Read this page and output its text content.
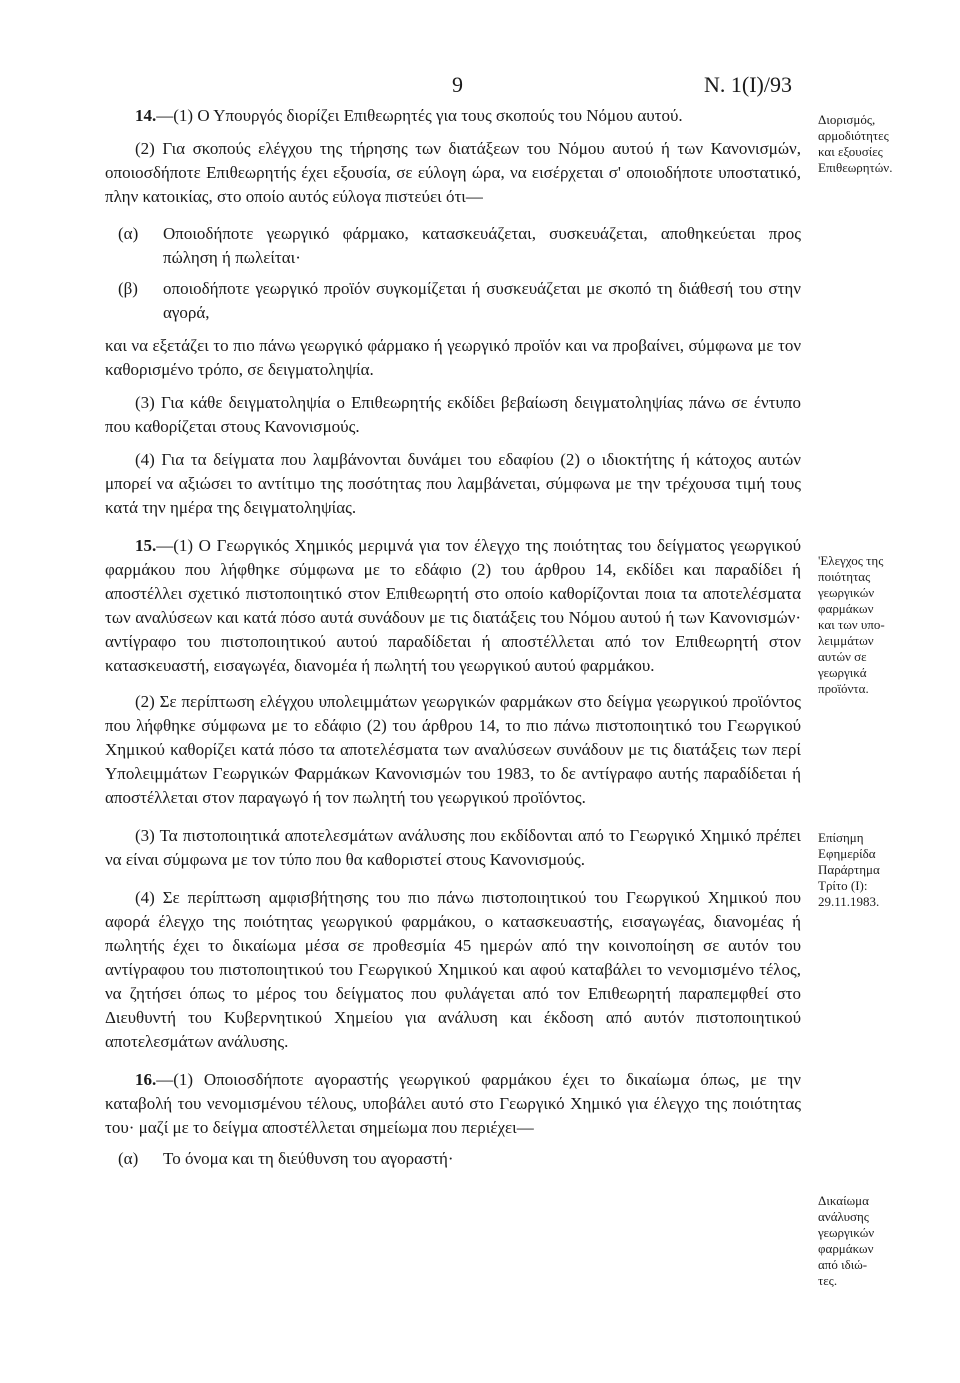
9	Ν. 1(Ι)/93

14.—(1) Ο Υπουργός διορίζει Επιθεωρητές για τους σκοπούς του Νόμου αυτού.

(2) Για σκοπούς ελέγχου της τήρησης των διατάξεων του Νόμου αυτού ή των Κανονισμών, οποιοσδήποτε Επιθεωρητής έχει εξουσία, σε εύλογη ώρα, να εισέρχεται σ' οποιοδήποτε υποστατικό, πλην κατοικίας, στο οποίο αυτός εύλογα πιστεύει ότι—

(α)	Οποιοδήποτε γεωργικό φάρμακο, κατασκευάζεται, συσκευάζεται, αποθηκεύεται προς πώληση ή πωλείται·
(β)	οποιοδήποτε γεωργικό προϊόν συγκομίζεται ή συσκευάζεται με σκοπό τη διάθεσή του στην αγορά,

και να εξετάζει το πιο πάνω γεωργικό φάρμακο ή γεωργικό προϊόν και να προβαίνει, σύμφωνα με τον καθορισμένο τρόπο, σε δειγματοληψία.

(3) Για κάθε δειγματοληψία ο Επιθεωρητής εκδίδει βεβαίωση δειγματοληψίας πάνω σε έντυπο που καθορίζεται στους Κανονισμούς.

(4) Για τα δείγματα που λαμβάνονται δυνάμει του εδαφίου (2) ο ιδιοκτήτης ή κάτοχος αυτών μπορεί να αξιώσει το αντίτιμο της ποσότητας που λαμβάνεται, σύμφωνα με την τρέχουσα τιμή τους κατά την ημέρα της δειγματοληψίας.

15.—(1) Ο Γεωργικός Χημικός μεριμνά για τον έλεγχο της ποιότητας του δείγματος γεωργικού φαρμάκου που λήφθηκε σύμφωνα με το εδάφιο (2) του άρθρου 14, εκδίδει και παραδίδει ή αποστέλλει σχετικό πιστοποιητικό στον Επιθεωρητή στο οποίο καθορίζονται ποια τα αποτελέσματα των αναλύσεων και κατά πόσο αυτά συνάδουν με τις διατάξεις του Νόμου αυτού ή των Κανονισμών· αντίγραφο του πιστοποιητικού αυτού παραδίδεται ή αποστέλλεται από τον Επιθεωρητή στον κατασκευαστή, εισαγωγέα, διανομέα ή πωλητή του γεωργικού αυτού φαρμάκου.

(2) Σε περίπτωση ελέγχου υπολειμμάτων γεωργικών φαρμάκων στο δείγμα γεωργικού προϊόντος που λήφθηκε σύμφωνα με το εδάφιο (2) του άρθρου 14, το πιο πάνω πιστοποιητικό του Γεωργικού Χημικού καθορίζει κατά πόσο τα αποτελέσματα των αναλύσεων συνάδουν με τις διατάξεις των περί Υπολειμμάτων Γεωργικών Φαρμάκων Κανονισμών του 1983, το δε αντίγραφο αυτής παραδίδεται ή αποστέλλεται στον παραγωγό ή τον πωλητή του γεωργικού προϊόντος.

(3) Τα πιστοποιητικά αποτελεσμάτων ανάλυσης που εκδίδονται από το Γεωργικό Χημικό πρέπει να είναι σύμφωνα με τον τύπο που θα καθοριστεί στους Κανονισμούς.

(4) Σε περίπτωση αμφισβήτησης του πιο πάνω πιστοποιητικού του Γεωργικού Χημικού που αφορά έλεγχο της ποιότητας γεωργικού φαρμάκου, ο κατασκευαστής, εισαγωγέας, διανομέας ή πωλητής έχει το δικαίωμα μέσα σε προθεσμία 45 ημερών από την κοινοποίηση σε αυτόν του αντίγραφου του πιστοποιητικού του Γεωργικού Χημικού και αφού καταβάλει το νενομισμένο τέλος, να ζητήσει όπως το μέρος του δείγματος που φυλάγεται από τον Επιθεωρητή παραπεμφθεί στο Διευθυντή του Κυβερνητικού Χημείου για ανάλυση και έκδοση από αυτόν πιστοποιητικού αποτελεσμάτων ανάλυσης.

16.—(1) Οποιοσδήποτε αγοραστής γεωργικού φαρμάκου έχει το δικαίωμα όπως, με την καταβολή του νενομισμένου τέλους, υποβάλει αυτό στο Γεωργικό Χημικό για έλεγχο της ποιότητας του· μαζί με το δείγμα αποστέλλεται σημείωμα που περιέχει—

(α)	Το όνομα και τη διεύθυνση του αγοραστή·
Διορισμός,
αρμοδιότητες
και εξουσίες
Επιθεωρητών.
'Ελεγχος της
ποιότητας
γεωργικών
φαρμάκων
και των υπο-
λειμμάτων
αυτών σε
γεωργικά
προϊόντα.
Επίσημη
Εφημερίδα
Παράρτημα
Τρίτο (Ι):
29.11.1983.
Δικαίωμα
ανάλυσης
γεωργικών
φαρμάκων
από ιδιώ-
τες.
